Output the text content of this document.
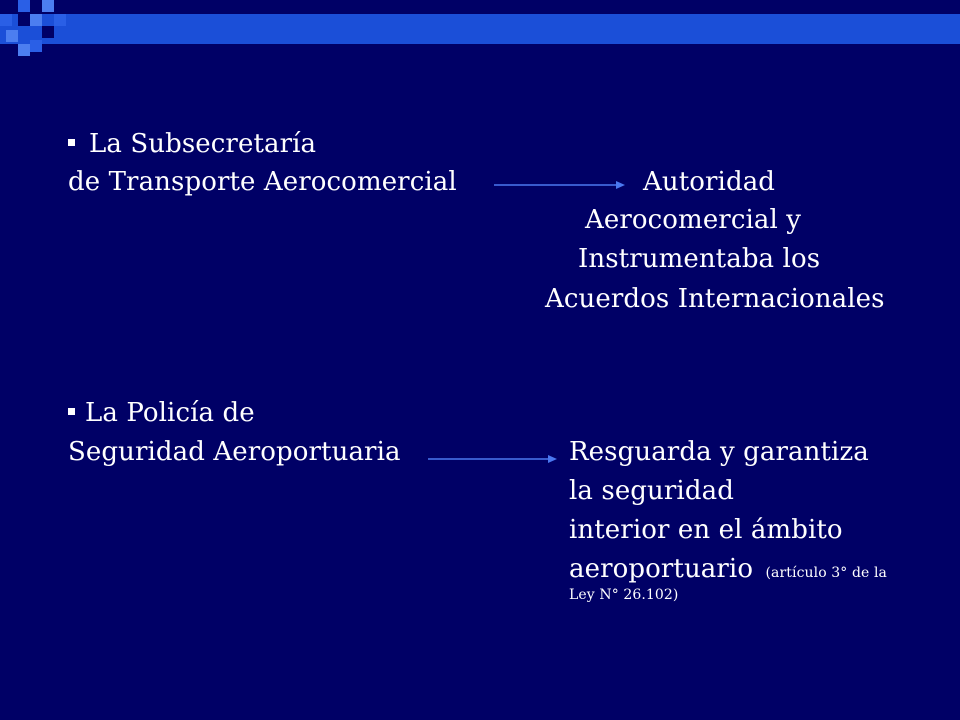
La Subsecretaría
de Transporte Aerocomercial	Autoridad
Aerocomercial y
Instrumentaba los
Acuerdos Internacionales
La Policía de
Seguridad Aeroportuaria	Resguarda y garantiza
la seguridad
interior en el ámbito
aeroportuario (artículo 3° de la
Ley N° 26.102)
